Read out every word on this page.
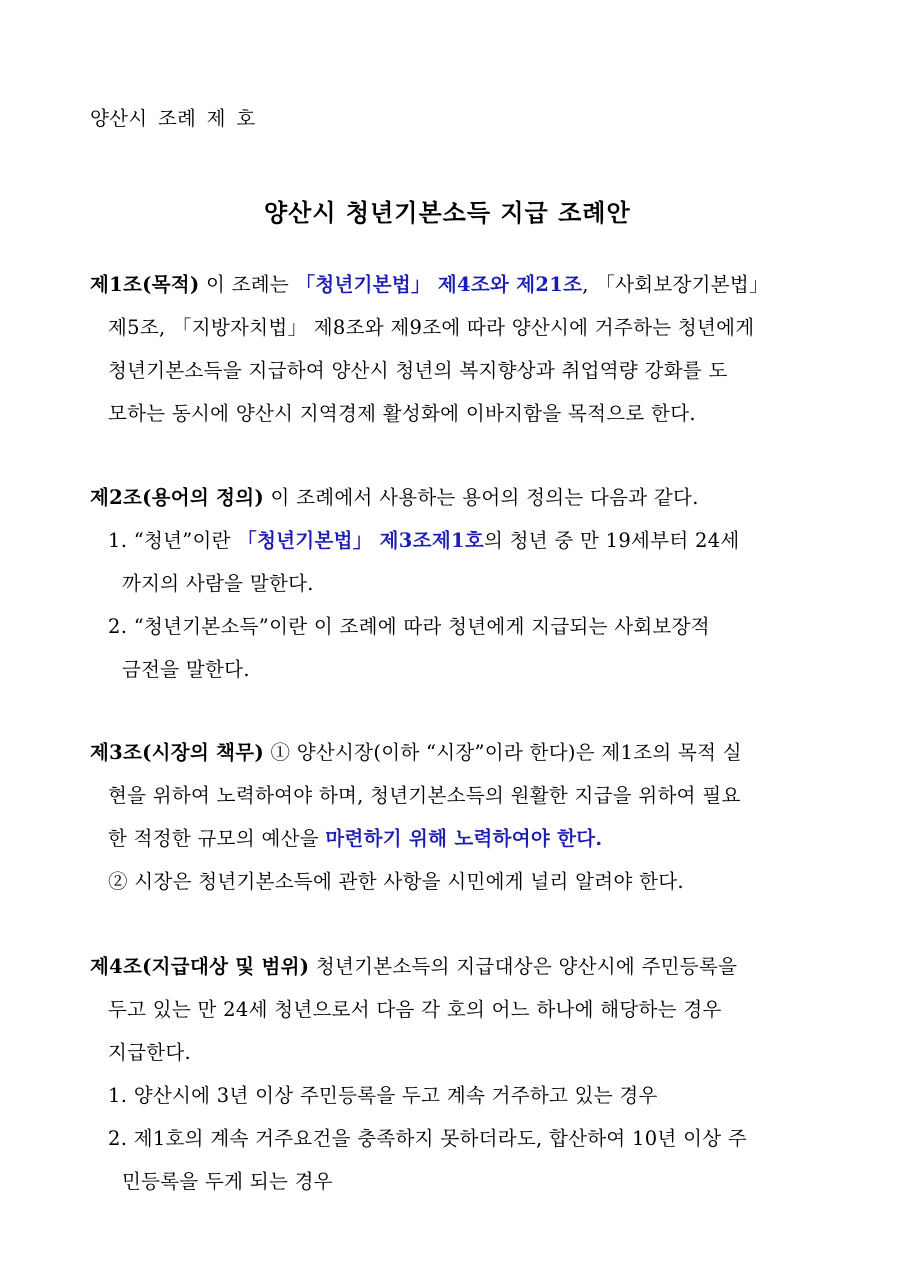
양산시 조례 제 호
양산시 청년기본소득 지급 조례안
제1조(목적) 이 조례는 「청년기본법」 제4조와 제21조, 「사회보장기본법」
제5조, 「지방자치법」 제8조와 제9조에 따라 양산시에 거주하는 청년에게
청년기본소득을 지급하여 양산시 청년의 복지향상과 취업역량 강화를 도
모하는 동시에 양산시 지역경제 활성화에 이바지함을 목적으로 한다.
제2조(용어의 정의) 이 조례에서 사용하는 용어의 정의는 다음과 같다.
1. “청년”이란 「청년기본법」 제3조제1호의 청년 중 만 19세부터 24세
까지의 사람을 말한다.
2. “청년기본소득”이란 이 조례에 따라 청년에게 지급되는 사회보장적
금전을 말한다.
제3조(시장의 책무) ① 양산시장(이하 “시장”이라 한다)은 제1조의 목적 실
현을 위하여 노력하여야 하며, 청년기본소득의 원활한 지급을 위하여 필요
한 적정한 규모의 예산을 마련하기 위해 노력하여야 한다.
② 시장은 청년기본소득에 관한 사항을 시민에게 널리 알려야 한다.
제4조(지급대상 및 범위) 청년기본소득의 지급대상은 양산시에 주민등록을
두고 있는 만 24세 청년으로서 다음 각 호의 어느 하나에 해당하는 경우
지급한다.
1. 양산시에 3년 이상 주민등록을 두고 계속 거주하고 있는 경우
2. 제1호의 계속 거주요건을 충족하지 못하더라도, 합산하여 10년 이상 주
민등록을 두게 되는 경우
